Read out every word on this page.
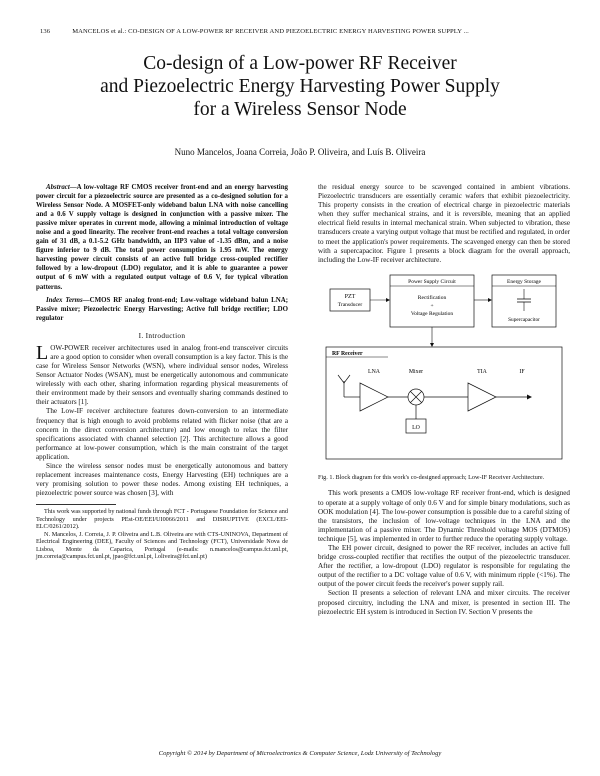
136	MANCELOS et al.: CO-DESIGN OF A LOW-POWER RF RECEIVER AND PIEZOELECTRIC ENERGY HARVESTING POWER SUPPLY ...
Co-design of a Low-power RF Receiver
and Piezoelectric Energy Harvesting Power Supply
for a Wireless Sensor Node
Nuno Mancelos, Joana Correia, João P. Oliveira, and Luís B. Oliveira

Abstract—A low-voltage RF CMOS receiver front-end and an energy harvesting power circuit for a piezoelectric source are presented as a co-designed solution for a Wireless Sensor Node. A MOSFET-only wideband balun LNA with noise cancelling and a 0.6 V supply voltage is designed in conjunction with a passive mixer. The passive mixer operates in current mode, allowing a minimal introduction of voltage noise and a good linearity. The receiver front-end reaches a total voltage conversion gain of 31 dB, a 0.1-5.2 GHz bandwidth, an IIP3 value of -1.35 dBm, and a noise figure inferior to 9 dB. The total power consumption is 1.95 mW. The energy harvesting power circuit consists of an active full bridge cross-coupled rectifier followed by a low-dropout (LDO) regulator, and it is able to guarantee a power output of 6 mW with a regulated output voltage of 0.6 V, for typical vibration patterns.

Index Terms—CMOS RF analog front-end; Low-voltage wideband balun LNA; Passive mixer; Piezoelectric Energy Harvesting; Active full bridge rectifier; LDO regulator

I. Introduction

LOW-POWER receiver architectures used in analog front-end transceiver circuits are a good option to consider when overall consumption is a key factor. This is the case for Wireless Sensor Networks (WSN), where individual sensor nodes, Wireless Sensor Actuator Nodes (WSAN), must be energetically autonomous and communicate wirelessly with each other, sharing information regarding physical measurements of their environment made by their sensors and eventually sharing commands destined to their actuators [1].

The Low-IF receiver architecture features down-conversion to an intermediate frequency that is high enough to avoid problems related with flicker noise (that are a concern in the direct conversion architecture) and low enough to relax the filter specifications associated with channel selection [2]. This architecture allows a good performance at low-power consumption, which is the main constraint of the target application.

Since the wireless sensor nodes must be energetically autonomous and battery replacement increases maintenance costs, Energy Harvesting (EH) techniques are a very promising solution to power these nodes. Among existing EH techniques, a piezoelectric power source was chosen [3], with

This work was supported by national funds through FCT - Portuguese Foundation for Science and Technology under projects PEst-OE/EEI/UI0066/2011 and DISRUPTIVE (EXCL/EEI-ELC/0261/2012).

N. Mancelos, J. Correia, J. P. Oliveira and L.B. Oliveira are with CTS-UNINOVA, Department of Electrical Engineering (DEE), Faculty of Sciences and Technology (FCT), Universidade Nova de Lisboa, Monte da Caparica, Portugal (e-mails: n.mancelos@campus.fct.unl.pt, jm.correia@campus.fct.unl.pt, jpao@fct.unl.pt, l.oliveira@fct.unl.pt)

the residual energy source to be scavenged contained in ambient vibrations. Piezoelectric transducers are essentially ceramic wafers that exhibit piezoelectricity. This property consists in the creation of electrical charge in piezoelectric materials when they suffer mechanical strains, and it is reversible, meaning that an applied electrical field results in internal mechanical strain. When subjected to vibration, these transducers create a varying output voltage that must be rectified and regulated, in order to meet the application's power requirements. The scavenged energy can then be stored with a supercapacitor. Figure 1 presents a block diagram for the overall approach, including the Low-IF receiver architecture.

PZT
Transducer
Power Supply Circuit
Rectification
+
Voltage Regulation
Energy Storage
Supercapacitor
RF Receiver
LNA	Mixer
LO
TIA	IF

Fig. 1. Block diagram for this work's co-designed approach; Low-IF Receiver Architecture.

This work presents a CMOS low-voltage RF receiver front-end, which is designed to operate at a supply voltage of only 0.6 V and for simple binary modulations, such as OOK modulation [4]. The low-power consumption is possible due to a careful sizing of the transistors, the inclusion of low-voltage techniques in the LNA and the implementation of a passive mixer. The Dynamic Threshold voltage MOS (DTMOS) technique [5], was implemented in order to further reduce the operating supply voltage.

The EH power circuit, designed to power the RF receiver, includes an active full bridge cross-coupled rectifier that rectifies the output of the piezoelectric transducer. After the rectifier, a low-dropout (LDO) regulator is responsible for regulating the output of the rectifier to a DC voltage value of 0.6 V, with minimum ripple (<1%). The output of the power circuit feeds the receiver's power supply rail.

Section II presents a selection of relevant LNA and mixer circuits. The receiver proposed circuitry, including the LNA and mixer, is presented in section III. The piezoelectric EH system is introduced in Section IV. Section V presents the

Copyright © 2014 by Department of Microelectronics & Computer Science, Lodz University of Technology
